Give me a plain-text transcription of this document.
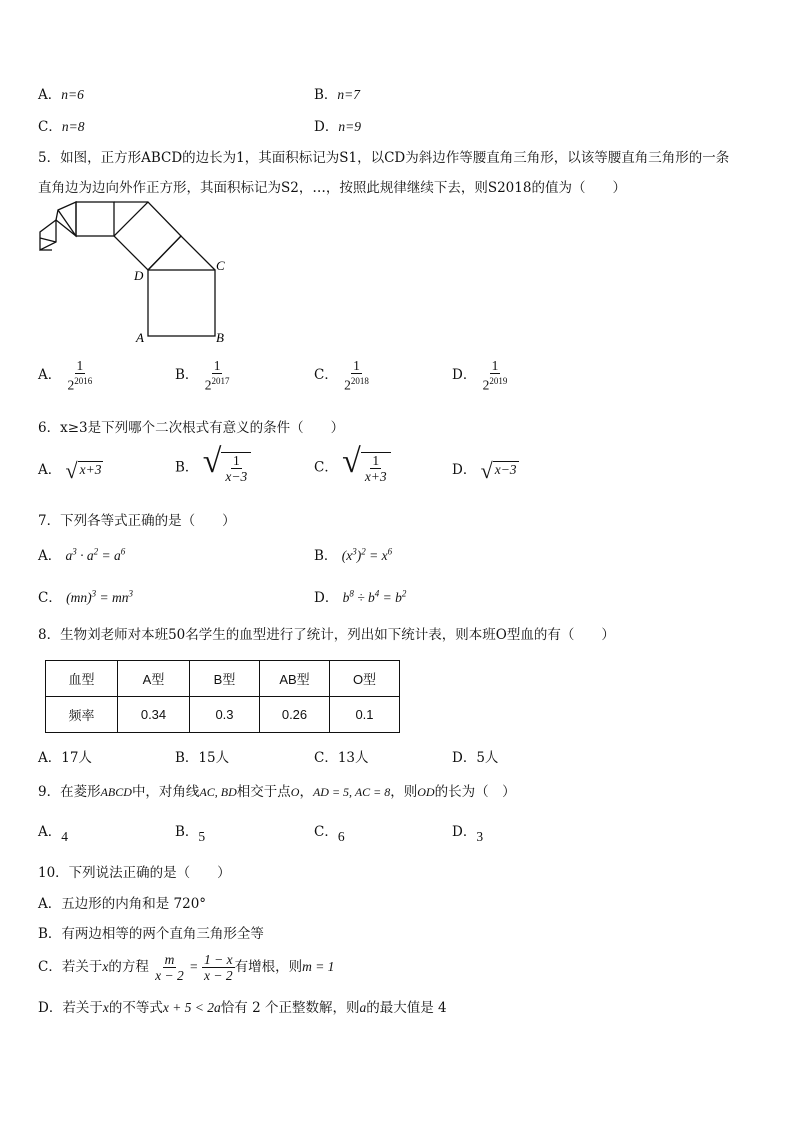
A．n=6	B．n=7
C．n=8	D．n=9
5．如图，正方形ABCD的边长为1，其面积标记为S1，以CD为斜边作等腰直角三角形，以该等腰直角三角形的一条
直角边为边向外作正方形，其面积标记为S2，…，按照此规律继续下去，则S2018的值为（　　）
D
C
A	B
A． $\frac{1}{2^{2016}}$	B． $\frac{1}{2^{2017}}$	C． $\frac{1}{2^{2018}}$	D． $\frac{1}{2^{2019}}$
6．x≥3是下列哪个二次根式有意义的条件（　　）
A． √ x+3	B． √ $\frac{1}{x-3}$	C． √ $\frac{1}{x+3}$	D． √ x−3
7．下列各等式正确的是（　　）
A． $a^3 \cdot a^2 = a^6$	B． $(x^3)^2 = x^6$
C． $(mn)^3 = mn^3$	D． $b^8 \div b^4 = b^2$
8．生物刘老师对本班50名学生的血型进行了统计，列出如下统计表，则本班O型血的有（　　）
血型	A型	B型	AB型	O型
频率	0.34	0.3	0.26	0.1
A．17人	B．15人	C．13人	D．5人
9．在菱形ABCD中，对角线AC, BD相交于点O，AD = 5, AC = 8，则OD的长为（　）
A．4	B．5	C．6	D．3
10．下列说法正确的是（　　）
A．五边形的内角和是 720°
B．有两边相等的两个直角三角形全等
C．若关于x的方程 $\frac{m}{x - 2} = \frac{1 - x}{x - 2}$ 有增根，则m = 1
D．若关于x的不等式x + 5 < 2a恰有 2 个正整数解，则a的最大值是 4
